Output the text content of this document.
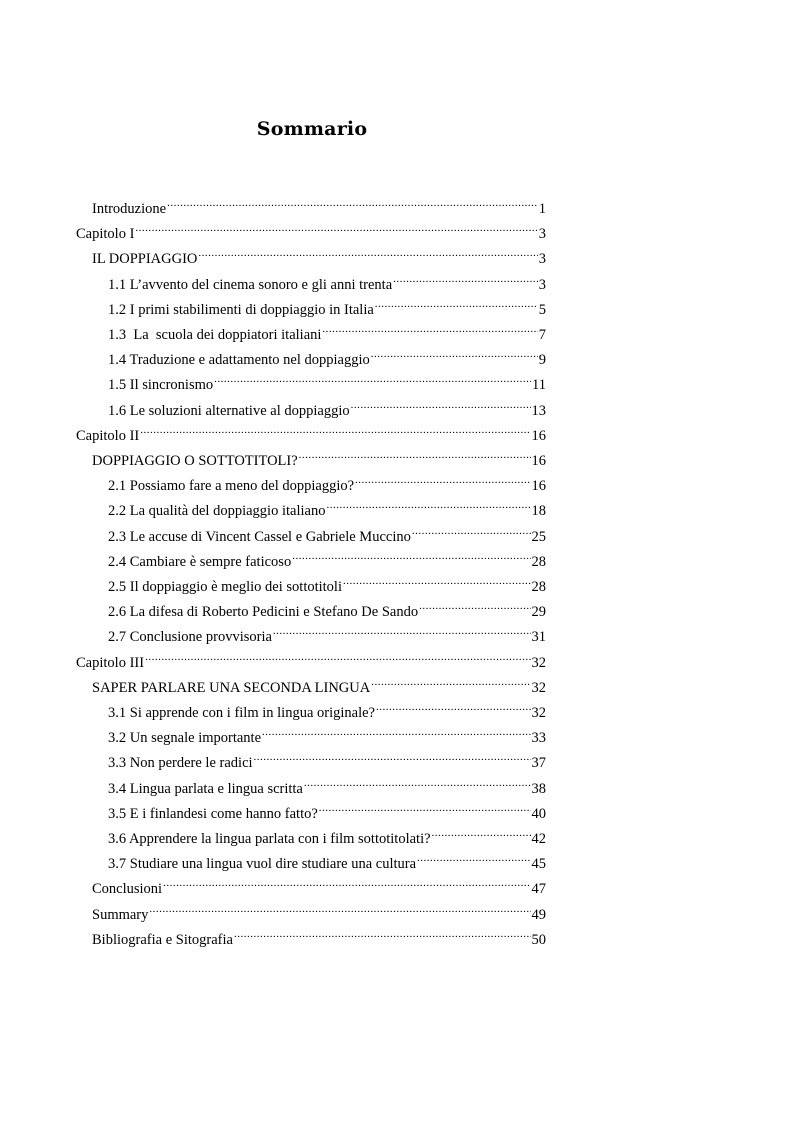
Sommario
Introduzione .....	1
Capitolo I .....	3
IL DOPPIAGGIO .....	3
1.1 L’avvento del cinema sonoro e gli anni trenta .....	3
1.2 I primi stabilimenti di doppiaggio in Italia .....	5
1.3  La  scuola dei doppiatori italiani .....	7
1.4 Traduzione e adattamento nel doppiaggio .....	9
1.5 Il sincronismo .....	11
1.6 Le soluzioni alternative al doppiaggio .....	13
Capitolo II .....	16
DOPPIAGGIO O SOTTOTITOLI? .....	16
2.1 Possiamo fare a meno del doppiaggio? .....	16
2.2 La qualità del doppiaggio italiano .....	18
2.3 Le accuse di Vincent Cassel e Gabriele Muccino .....	25
2.4 Cambiare è sempre faticoso .....	28
2.5 Il doppiaggio è meglio dei sottotitoli .....	28
2.6 La difesa di Roberto Pedicini e Stefano De Sando .....	29
2.7 Conclusione provvisoria .....	31
Capitolo III .....	32
SAPER PARLARE UNA SECONDA LINGUA .....	32
3.1 Si apprende con i film in lingua originale? .....	32
3.2 Un segnale importante .....	33
3.3 Non perdere le radici .....	37
3.4 Lingua parlata e lingua scritta .....	38
3.5 E i finlandesi come hanno fatto? .....	40
3.6 Apprendere la lingua parlata con i film sottotitolati? .....	42
3.7 Studiare una lingua vuol dire studiare una cultura .....	45
Conclusioni .....	47
Summary .....	49
Bibliografia e Sitografia .....	50
